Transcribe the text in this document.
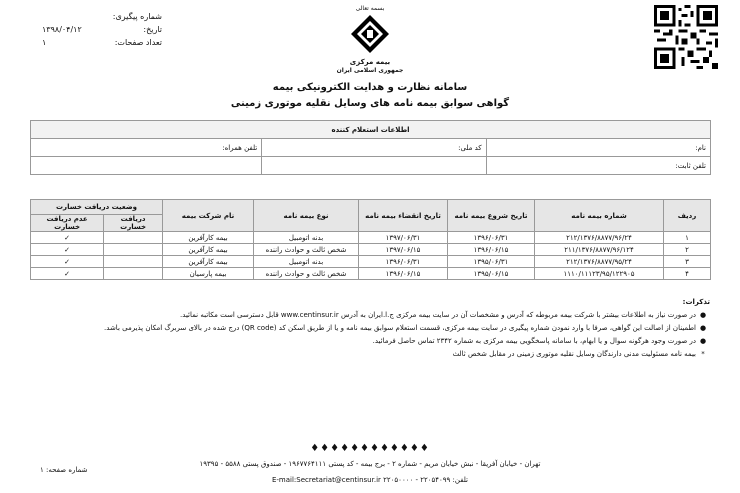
بسمه تعالی
شماره پیگیری:
تاریخ:
۱۳۹۸/۰۴/۱۲
تعداد صفحات:
۱
بیمه مرکزی
جمهوری اسلامی ایران
سامانه نظارت و هدایت الکترونیکی بیمه
گواهی سوابق بیمه نامه های وسایل نقلیه موتوری زمینی
اطلاعات استعلام کننده		
نام:	کد ملی:	تلفن همراه:
تلفن ثابت:		
ردیف	شماره بیمه نامه	تاریخ شروع بیمه نامه	تاریخ انقضاء بیمه نامه	نوع بیمه نامه	نام شرکت بیمه	وضعیت دریافت خسارت	
						دریافت خسارت	عدم دریافت خسارت
۱	۲۱۲/۱۳۷۶/۸۸۷۷/۹۶/۲۴	۱۳۹۶/۰۶/۳۱	۱۳۹۷/۰۶/۳۱	بدنه اتومبیل	بیمه کارآفرین		✓
۲	۲۱۱/۱۳۷۶/۸۸۷۷/۹۶/۱۲۴	۱۳۹۶/۰۶/۱۵	۱۳۹۷/۰۶/۱۵	شخص ثالث و حوادث راننده	بیمه کارآفرین		✓
۳	۲۱۲/۱۳۷۶/۸۸۷۷/۹۵/۲۴	۱۳۹۵/۰۶/۳۱	۱۳۹۶/۰۶/۳۱	بدنه اتومبیل	بیمه کارآفرین		✓
۴	۱۱۱۰/۱۱۱۲۳/۹۵/۱۲۲۹۰۵	۱۳۹۵/۰۶/۱۵	۱۳۹۶/۰۶/۱۵	شخص ثالث و حوادث راننده	بیمه پارسیان		✓
تذکرات:
●
در صورت نیاز به اطلاعات بیشتر با شرکت بیمه مربوطه که آدرس و مشخصات آن در سایت بیمه مرکزی ج.ا.ایران به آدرس www.centinsur.ir قابل دسترسی است مکاتبه نمائید.
●
اطمینان از اصالت این گواهی، صرفا با وارد نمودن شماره پیگیری در سایت بیمه مرکزی، قسمت استعلام سوابق بیمه نامه و یا از طریق اسکن کد (QR code) درج شده در بالای سربرگ امکان پذیرمی باشد.
●
در صورت وجود هرگونه سوال و یا ابهام، با سامانه پاسخگویی بیمه مرکزی به شماره ۲۳۴۲ تماس حاصل فرمائید.
*
بیمه نامه مسئولیت مدنی دارندگان وسایل نقلیه موتوری زمینی در مقابل شخص ثالث
♦♦♦♦♦♦♦♦♦♦♦♦
تهران - خیابان آفریقا - نبش خیابان مریم - شماره ۲ - برج بیمه - کد پستی ۱۹۶۷۷۶۴۱۱۱ - صندوق پستی ۵۵۸۸ - ۱۹۳۹۵
تلفن: ۲۲۰۵۴۰۹۹ - ۲۲۰۵۰۰۰۰ E-mail:Secretariat@centinsur.ir
شماره صفحه: ۱
